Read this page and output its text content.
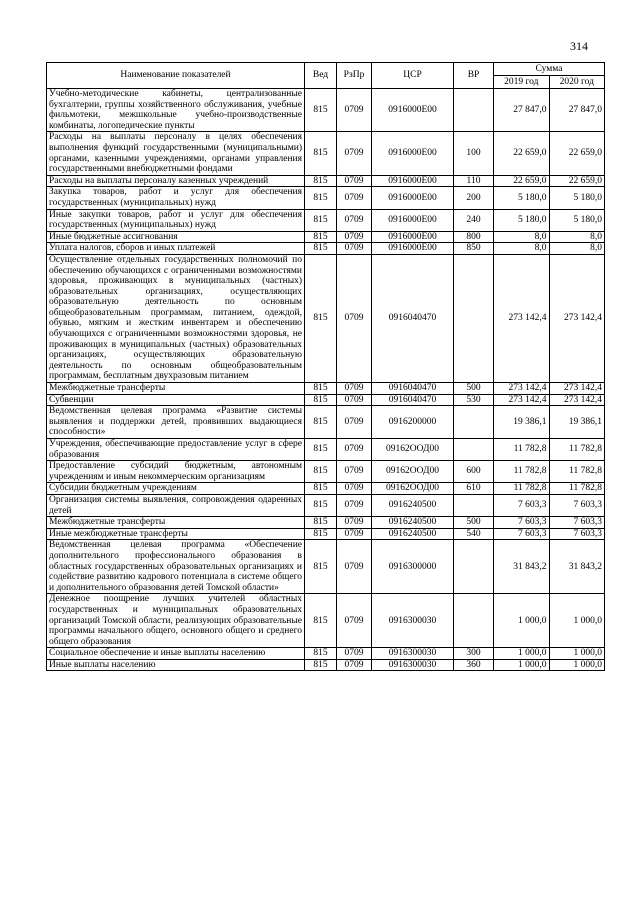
314
Наименование показателей	Вед	РзПр	ЦСР	ВР	Сумма	
					2019 год	2020 год
Учебно-методические кабинеты, централизованные бухгалтерии, группы хозяйственного обслуживания, учебные фильмотеки, межшкольные учебно-производственные комбинаты, логопедические пункты	815	0709	0916000Е00		27 847,0	27 847,0
Расходы на выплаты персоналу в целях обеспечения выполнения функций государственными (муниципальными) органами, казенными учреждениями, органами управления государственными внебюджетными фондами	815	0709	0916000Е00	100	22 659,0	22 659,0
Расходы на выплаты персоналу казенных учреждений	815	0709	0916000Е00	110	22 659,0	22 659,0
Закупка товаров, работ и услуг для обеспечения государственных (муниципальных) нужд	815	0709	0916000Е00	200	5 180,0	5 180,0
Иные закупки товаров, работ и услуг для обеспечения государственных (муниципальных) нужд	815	0709	0916000Е00	240	5 180,0	5 180,0
Иные бюджетные ассигнования	815	0709	0916000Е00	800	8,0	8,0
Уплата налогов, сборов и иных платежей	815	0709	0916000Е00	850	8,0	8,0
Осуществление отдельных государственных полномочий по обеспечению обучающихся с ограниченными возможностями здоровья, проживающих в муниципальных (частных) образовательных организациях, осуществляющих образовательную деятельность по основным общеобразовательным программам, питанием, одеждой, обувью, мягким и жестким инвентарем и обеспечению обучающихся с ограниченными возможностями здоровья, не проживающих в муниципальных (частных) образовательных организациях, осуществляющих образовательную деятельность по основным общеобразовательным программам, бесплатным двухразовым питанием	815	0709	0916040470		273 142,4	273 142,4
Межбюджетные трансферты	815	0709	0916040470	500	273 142,4	273 142,4
Субвенции	815	0709	0916040470	530	273 142,4	273 142,4
Ведомственная целевая программа «Развитие системы выявления и поддержки детей, проявивших выдающиеся способности»	815	0709	0916200000		19 386,1	19 386,1
Учреждения, обеспечивающие предоставление услуг в сфере образования	815	0709	09162ООД00		11 782,8	11 782,8
Предоставление субсидий бюджетным, автономным учреждениям и иным некоммерческим организациям	815	0709	09162ООД00	600	11 782,8	11 782,8
Субсидии бюджетным учреждениям	815	0709	09162ООД00	610	11 782,8	11 782,8
Организация системы выявления, сопровождения одаренных детей	815	0709	0916240500		7 603,3	7 603,3
Межбюджетные трансферты	815	0709	0916240500	500	7 603,3	7 603,3
Иные межбюджетные трансферты	815	0709	0916240500	540	7 603,3	7 603,3
Ведомственная целевая программа «Обеспечение дополнительного профессионального образования в областных государственных образовательных организациях и содействие развитию кадрового потенциала в системе общего и дополнительного образования детей Томской области»	815	0709	0916300000		31 843,2	31 843,2
Денежное поощрение лучших учителей областных государственных и муниципальных образовательных организаций Томской области, реализующих образовательные программы начального общего, основного общего и среднего общего образования	815	0709	0916300030		1 000,0	1 000,0
Социальное обеспечение и иные выплаты населению	815	0709	0916300030	300	1 000,0	1 000,0
Иные выплаты населению	815	0709	0916300030	360	1 000,0	1 000,0
